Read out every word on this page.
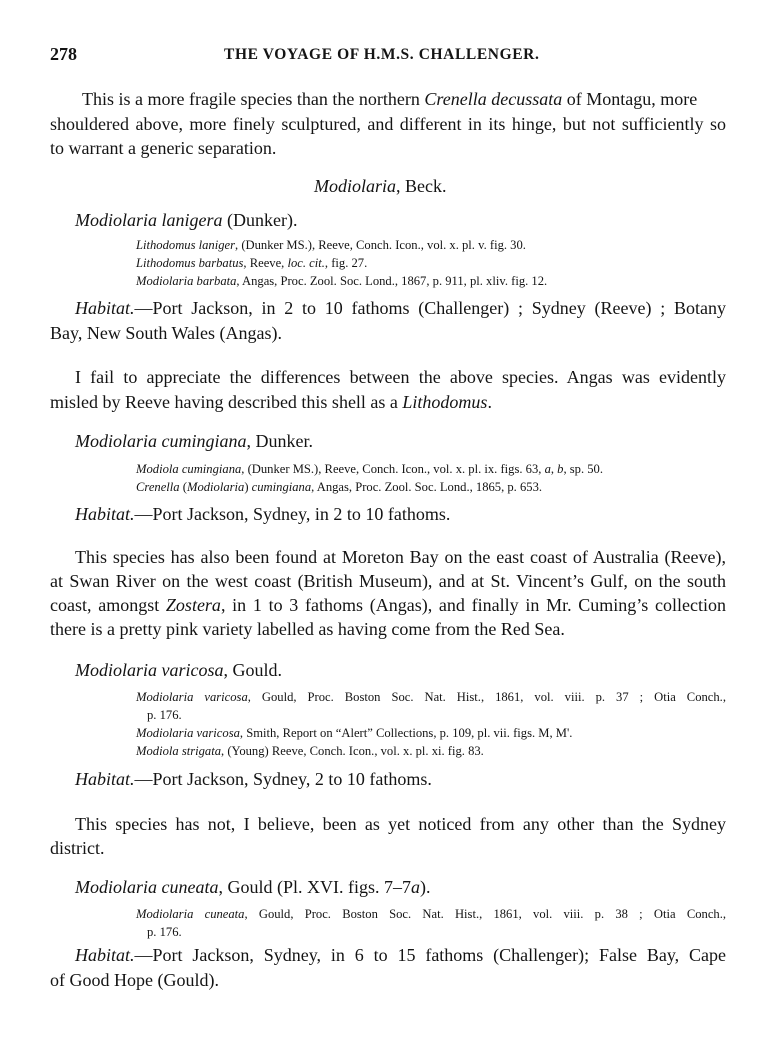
278	THE VOYAGE OF H.M.S. CHALLENGER.
This is a more fragile species than the northern Crenella decussata of Montagu, more
shouldered above, more finely sculptured, and different in its hinge, but not sufficiently so
to warrant a generic separation.
Modiolaria, Beck.
Modiolaria lanigera (Dunker).
Lithodomus laniger, (Dunker MS.), Reeve, Conch. Icon., vol. x. pl. v. fig. 30.
Lithodomus barbatus, Reeve, loc. cit., fig. 27.
Modiolaria barbata, Angas, Proc. Zool. Soc. Lond., 1867, p. 911, pl. xliv. fig. 12.
Habitat.—Port Jackson, in 2 to 10 fathoms (Challenger) ; Sydney (Reeve) ; Botany
Bay, New South Wales (Angas).
I fail to appreciate the differences between the above species. Angas was evidently
misled by Reeve having described this shell as a Lithodomus.
Modiolaria cumingiana, Dunker.
Modiola cumingiana, (Dunker MS.), Reeve, Conch. Icon., vol. x. pl. ix. figs. 63, a, b, sp. 50.
Crenella (Modiolaria) cumingiana, Angas, Proc. Zool. Soc. Lond., 1865, p. 653.
Habitat.—Port Jackson, Sydney, in 2 to 10 fathoms.
This species has also been found at Moreton Bay on the east coast of Australia (Reeve),
at Swan River on the west coast (British Museum), and at St. Vincent’s Gulf, on the south
coast, amongst Zostera, in 1 to 3 fathoms (Angas), and finally in Mr. Cuming’s collection
there is a pretty pink variety labelled as having come from the Red Sea.
Modiolaria varicosa, Gould.
Modiolaria varicosa, Gould, Proc. Boston Soc. Nat. Hist., 1861, vol. viii. p. 37 ; Otia Conch.,
p. 176.
Modiolaria varicosa, Smith, Report on “Alert” Collections, p. 109, pl. vii. figs. M, M'.
Modiola strigata, (Young) Reeve, Conch. Icon., vol. x. pl. xi. fig. 83.
Habitat.—Port Jackson, Sydney, 2 to 10 fathoms.
This species has not, I believe, been as yet noticed from any other than the Sydney
district.
Modiolaria cuneata, Gould (Pl. XVI. figs. 7–7a).
Modiolaria cuneata, Gould, Proc. Boston Soc. Nat. Hist., 1861, vol. viii. p. 38 ; Otia Conch.,
p. 176.
Habitat.—Port Jackson, Sydney, in 6 to 15 fathoms (Challenger); False Bay, Cape
of Good Hope (Gould).
